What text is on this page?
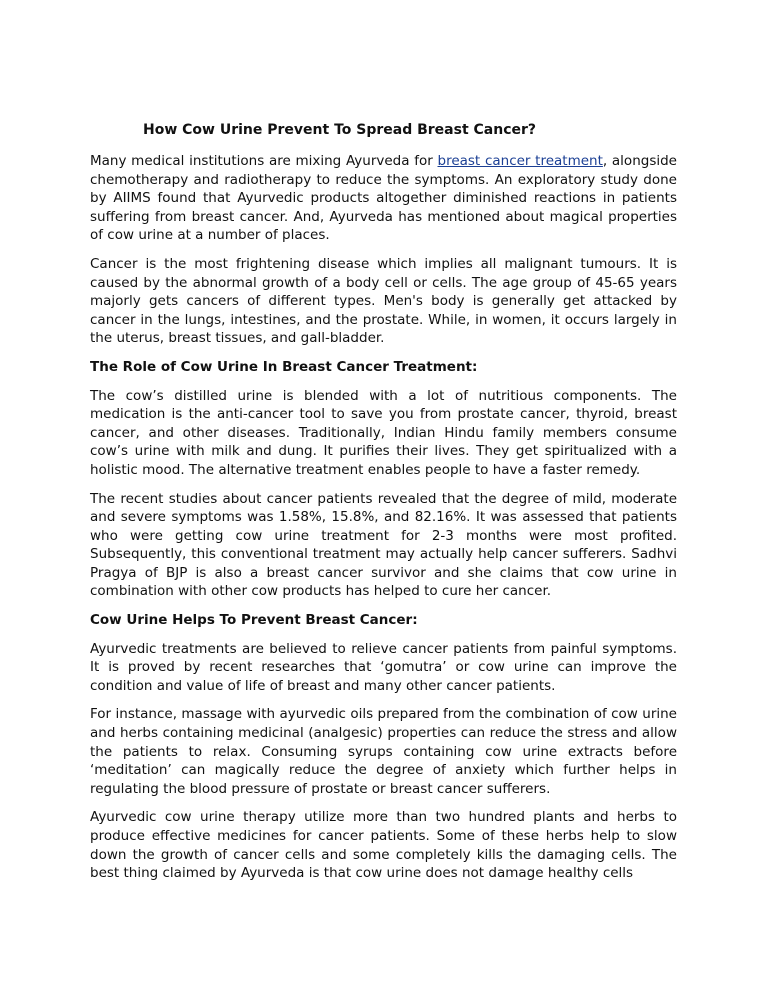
How Cow Urine Prevent To Spread Breast Cancer?

Many medical institutions are mixing Ayurveda for breast cancer treatment, alongside chemotherapy and radiotherapy to reduce the symptoms. An exploratory study done by AIIMS found that Ayurvedic products altogether diminished reactions in patients suffering from breast cancer. And, Ayurveda has mentioned about magical properties of cow urine at a number of places.

Cancer is the most frightening disease which implies all malignant tumours. It is caused by the abnormal growth of a body cell or cells. The age group of 45-65 years majorly gets cancers of different types. Men's body is generally get attacked by cancer in the lungs, intestines, and the prostate. While, in women, it occurs largely in the uterus, breast tissues, and gall-bladder.

The Role of Cow Urine In Breast Cancer Treatment:

The cow’s distilled urine is blended with a lot of nutritious components. The medication is the anti-cancer tool to save you from prostate cancer, thyroid, breast cancer, and other diseases. Traditionally, Indian Hindu family members consume cow’s urine with milk and dung. It purifies their lives. They get spiritualized with a holistic mood. The alternative treatment enables people to have a faster remedy.

The recent studies about cancer patients revealed that the degree of mild, moderate and severe symptoms was 1.58%, 15.8%, and 82.16%. It was assessed that patients who were getting cow urine treatment for 2-3 months were most profited. Subsequently, this conventional treatment may actually help cancer sufferers. Sadhvi Pragya of BJP is also a breast cancer survivor and she claims that cow urine in combination with other cow products has helped to cure her cancer.

Cow Urine Helps To Prevent Breast Cancer:

Ayurvedic treatments are believed to relieve cancer patients from painful symptoms. It is proved by recent researches that ‘gomutra’ or cow urine can improve the condition and value of life of breast and many other cancer patients.

For instance, massage with ayurvedic oils prepared from the combination of cow urine and herbs containing medicinal (analgesic) properties can reduce the stress and allow the patients to relax. Consuming syrups containing cow urine extracts before ‘meditation’ can magically reduce the degree of anxiety which further helps in regulating the blood pressure of prostate or breast cancer sufferers.

Ayurvedic cow urine therapy utilize more than two hundred plants and herbs to produce effective medicines for cancer patients. Some of these herbs help to slow down the growth of cancer cells and some completely kills the damaging cells. The best thing claimed by Ayurveda is that cow urine does not damage healthy cells
